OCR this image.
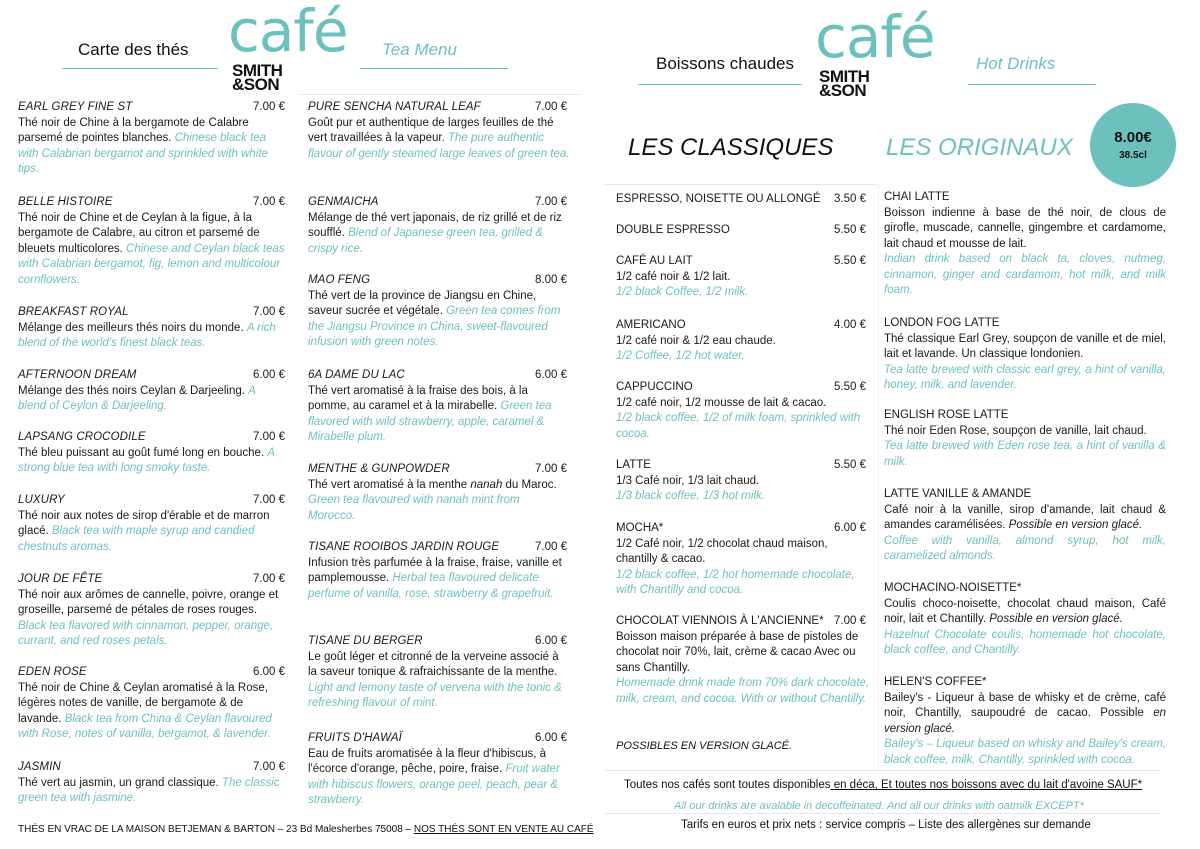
Carte des thés café
SMITH
&SON
Tea Menu
EARL GREY FINE ST	7.00 €
Thé noir de Chine à la bergamote de Calabre parsemé de pointes blanches. Chinese black tea with Calabrian bergamot and sprinkled with white tips.
BELLE HISTOIRE	7.00 €
Thé noir de Chine et de Ceylan à la figue, à la bergamote de Calabre, au citron et parsemé de bleuets multicolores. Chinese and Ceylan black teas with Calabrian bergamot, fig, lemon and multicolour cornflowers.
BREAKFAST ROYAL	7.00 €
Mélange des meilleurs thés noirs du monde. A rich blend of the world's finest black teas.
AFTERNOON DREAM	6.00 €
Mélange des thés noirs Ceylan & Darjeeling. A blend of Ceylon & Darjeeling.
LAPSANG CROCODILE	7.00 €
Thé bleu puissant au goût fumé long en bouche. A strong blue tea with long smoky taste.
LUXURY	7.00 €
Thé noir aux notes de sirop d'érable et de marron glacé. Black tea with maple syrup and candied chestnuts aromas.
JOUR DE FÊTE	7.00 €
Thé noir aux arômes de cannelle, poivre, orange et groseille, parsemé de pétales de roses rouges. Black tea flavored with cinnamon, pepper, orange, currant, and red roses petals.
EDEN ROSE	6.00 €
Thé noir de Chine & Ceylan aromatisé à la Rose, légères notes de vanille, de bergamote & de lavande. Black tea from China & Ceylan flavoured with Rose, notes of vanilla, bergamot, & lavender.
JASMIN	7.00 €
Thé vert au jasmin, un grand classique. The classic green tea with jasmine.
PURE SENCHA NATURAL LEAF	7.00 €
Goût pur et authentique de larges feuilles de thé vert travaillées à la vapeur. The pure authentic flavour of gently steamed large leaves of green tea.
GENMAICHA	7.00 €
Mélange de thé vert japonais, de riz grillé et de riz soufflé. Blend of Japanese green tea, grilled & crispy rice.
MAO FENG	8.00 €
Thé vert de la province de Jiangsu en Chine, saveur sucrée et végétale. Green tea comes from the Jiangsu Province in China, sweet-flavoured infusion with green notes.
6A DAME DU LAC	6.00 €
Thé vert aromatisé à la fraise des bois, à la pomme, au caramel et à la mirabelle. Green tea flavored with wild strawberry, apple, caramel & Mirabelle plum.
MENTHE & GUNPOWDER	7.00 €
Thé vert aromatisé à la menthe nanah du Maroc. Green tea flavoured with nanah mint from Morocco.
TISANE ROOIBOS JARDIN ROUGE	7.00 €
Infusion très parfumée à la fraise, fraise, vanille et pamplemousse. Herbal tea flavoured delicate perfume of vanilla, rose, strawberry & grapefruit.
TISANE DU BERGER	6.00 €
Le goût léger et citronné de la verveine associé à la saveur tonique & rafraichissante de la menthe. Light and lemony taste of vervena with the tonic & refreshing flavour of mint.
FRUITS D'HAWAÏ	6.00 €
Eau de fruits aromatisée à la fleur d'hibiscus, à l'écorce d'orange, pêche, poire, fraise. Fruit water with hibiscus flowers, orange peel, peach, pear & strawberry.
THÉS EN VRAC DE LA MAISON BETJEMAN & BARTON – 23 Bd Malesherbes 75008 – NOS THÉS SONT EN VENTE AU CAFÉ
Boissons chaudes café
SMITH
&SON
Hot Drinks
LES CLASSIQUES LES ORIGINAUX	8.00€
38.5cl
ESPRESSO, NOISETTE OU ALLONGÉ	3.50 €
DOUBLE ESPRESSO	5.50 €
CAFÉ AU LAIT	5.50 €
1/2 café noir & 1/2 lait.
1/2 black Coffee, 1/2 milk.
AMERICANO	4.00 €
1/2 café noir & 1/2 eau chaude.
1/2 Coffee, 1/2 hot water.
CAPPUCCINO	5.50 €
1/2 café noir, 1/2 mousse de lait & cacao.
1/2 black coffee, 1/2 of milk foam, sprinkled with cocoa.
LATTE	5.50 €
1/3 Café noir, 1/3 lait chaud.
1/3 black coffee, 1/3 hot milk.
MOCHA*	6.00 €
1/2 Café noir, 1/2 chocolat chaud maison, chantilly & cacao.
1/2 black coffee, 1/2 hot homemade chocolate, with Chantilly and cocoa.
CHOCOLAT VIENNOIS À L'ANCIENNE* 7.00 €
Boisson maison préparée à base de pistoles de chocolat noir 70%, lait, crème & cacao Avec ou sans Chantilly.
Homemade drink made from 70% dark chocolate, milk, cream, and cocoa. With or without Chantilly.
POSSIBLES EN VERSION GLACÉ.
CHAI LATTE
Boisson indienne à base de thé noir, de clous de girofle, muscade, cannelle, gingembre et cardamome, lait chaud et mousse de lait.
Indian drink based on black ta, cloves, nutmeg, cinnamon, ginger and cardamom, hot milk, and milk foam.
LONDON FOG LATTE
Thé classique Earl Grey, soupçon de vanille et de miel, lait et lavande. Un classique londonien.
Tea latte brewed with classic earl grey, a hint of vanilla, honey, milk, and lavender.
ENGLISH ROSE LATTE
Thé noir Eden Rose, soupçon de vanille, lait chaud.
Tea latte brewed with Eden rose tea, a hint of vanilla & milk.
LATTE VANILLE & AMANDE
Café noir à la vanille, sirop d'amande, lait chaud & amandes caramélisées. Possible en version glacé.
Coffee with vanilla, almond syrup, hot milk, caramelized almonds.
MOCHACINO-NOISETTE*
Coulis choco-noisette, chocolat chaud maison, Café noir, lait et Chantilly. Possible en version glacé.
Hazelnut Chocolate coulis, homemade hot chocolate, black coffee, and Chantilly.
HELEN'S COFFEE*
Bailey's - Liqueur à base de whisky et de crème, café noir, Chantilly, saupoudré de cacao. Possible en version glacé.
Bailey's – Liqueur based on whisky and Bailey's cream, black coffee, milk, Chantilly, sprinkled with cocoa.
Toutes nos cafés sont toutes disponibles en déca, Et toutes nos boissons avec du lait d'avoine SAUF*
All our drinks are avalable in decoffeinated. And all our drinks with oatmilk EXCEPT*
Tarifs en euros et prix nets : service compris – Liste des allergènes sur demande
